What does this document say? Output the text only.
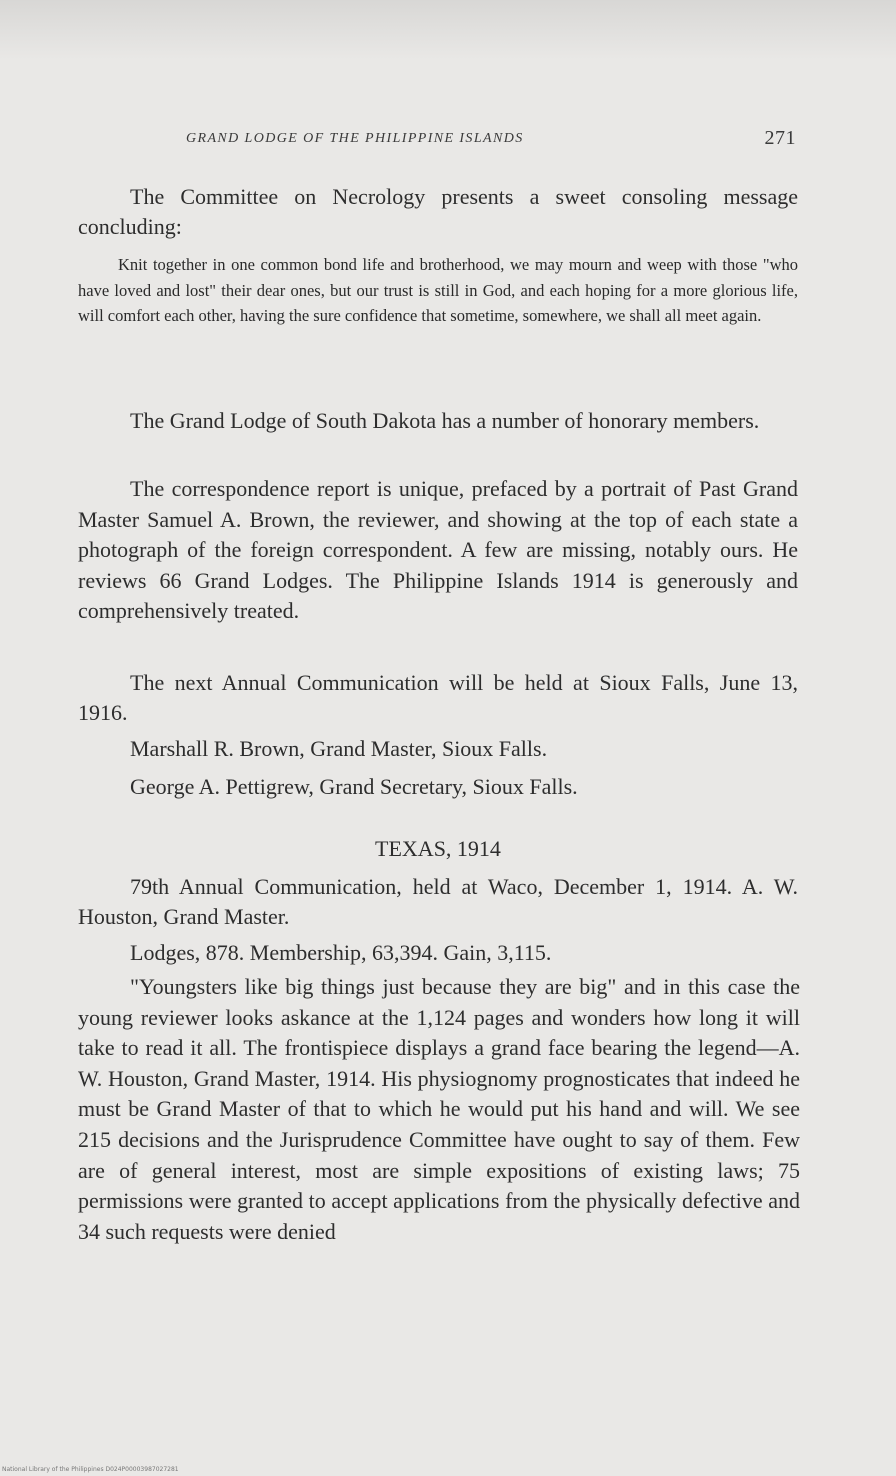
GRAND LODGE OF THE PHILIPPINE ISLANDS	271

The Committee on Necrology presents a sweet consoling message concluding:

Knit together in one common bond life and brotherhood, we may mourn and weep with those "who have loved and lost" their dear ones, but our trust is still in God, and each hoping for a more glorious life, will comfort each other, having the sure confidence that sometime, somewhere, we shall all meet again.

The Grand Lodge of South Dakota has a number of honorary members.

The correspondence report is unique, prefaced by a portrait of Past Grand Master Samuel A. Brown, the reviewer, and showing at the top of each state a photograph of the foreign correspondent. A few are missing, notably ours. He reviews 66 Grand Lodges. The Philippine Islands 1914 is generously and comprehensively treated.

The next Annual Communication will be held at Sioux Falls, June 13, 1916.

Marshall R. Brown, Grand Master, Sioux Falls.

George A. Pettigrew, Grand Secretary, Sioux Falls.

TEXAS, 1914

79th Annual Communication, held at Waco, December 1, 1914. A. W. Houston, Grand Master.

Lodges, 878. Membership, 63,394. Gain, 3,115.

"Youngsters like big things just because they are big" and in this case the young reviewer looks askance at the 1,124 pages and wonders how long it will take to read it all. The frontispiece displays a grand face bearing the legend—A. W. Houston, Grand Master, 1914. His physiognomy prognosticates that indeed he must be Grand Master of that to which he would put his hand and will. We see 215 decisions and the Jurisprudence Committee have ought to say of them. Few are of general interest, most are simple expositions of existing laws; 75 permissions were granted to accept applications from the physically defective and 34 such requests were denied

National Library of the Philippines D024P00003987027281
